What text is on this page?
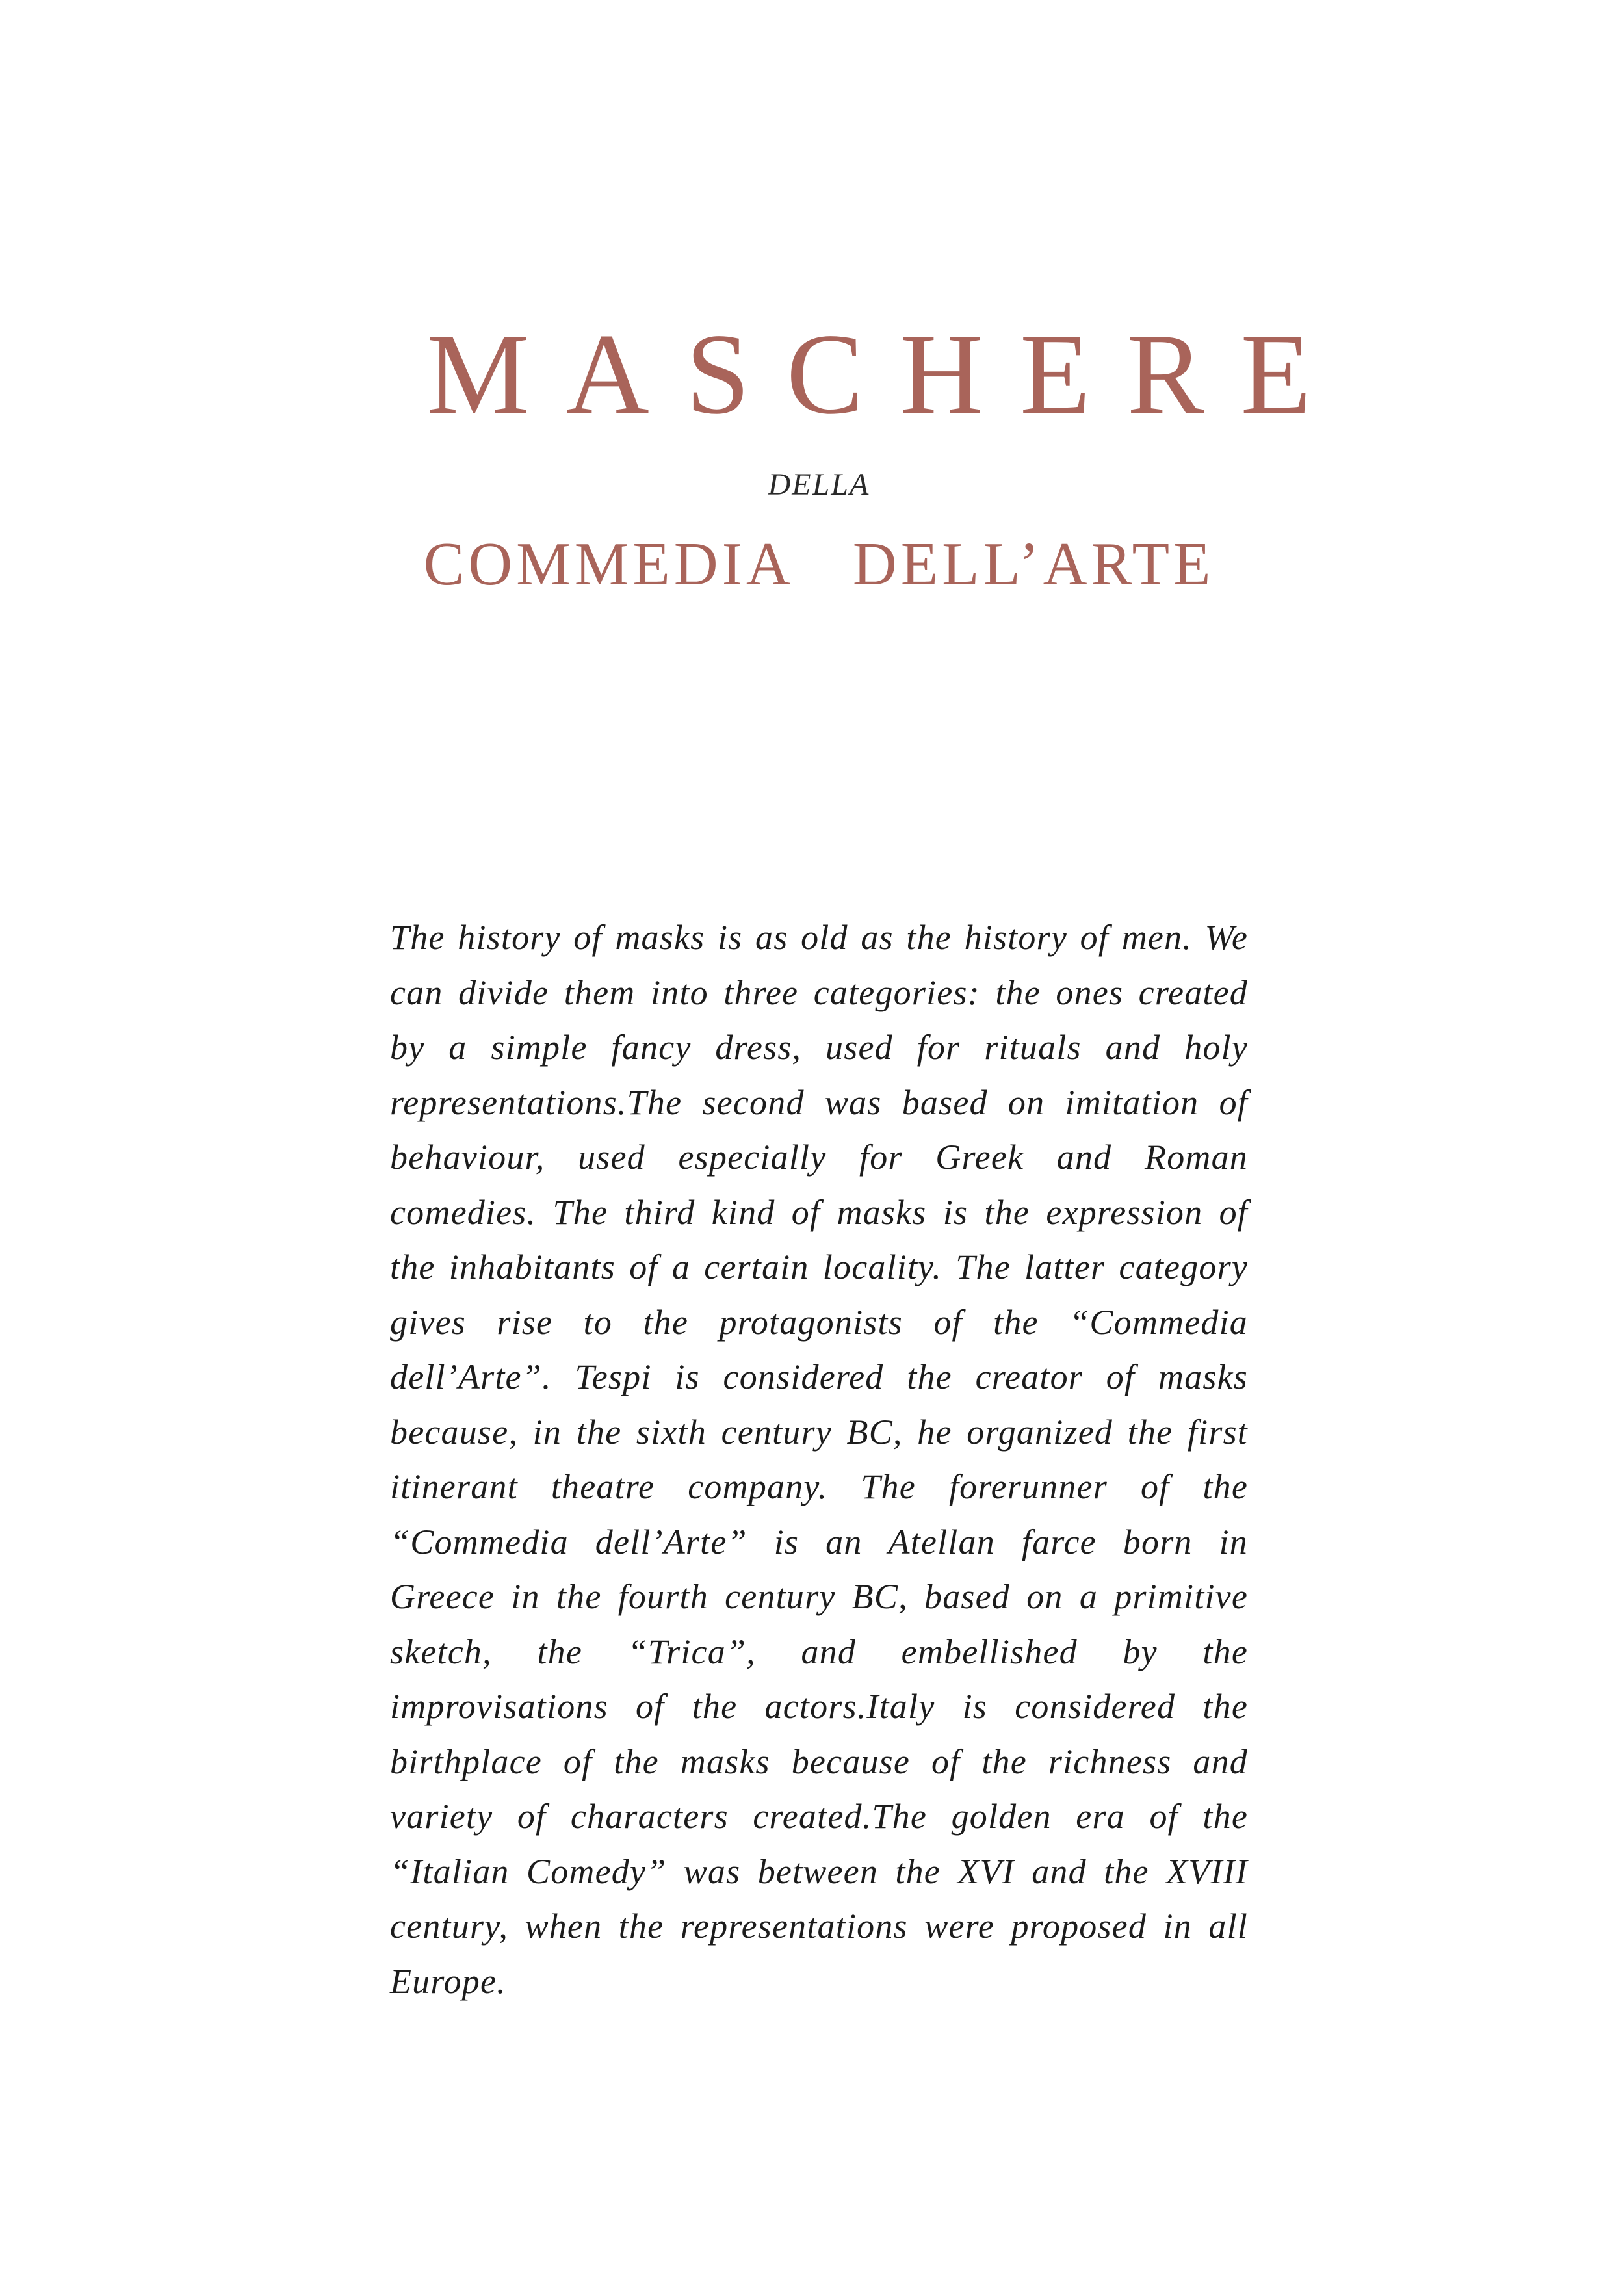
MASCHERE
DELLA
COMMEDIA DELL’ARTE

The history of masks is as old as the history of men. We can divide them into three categories: the ones created by a simple fancy dress, used for rituals and holy representations.The second was based on imitation of behaviour, used especially for Greek and Roman comedies. The third kind of masks is the expression of the inhabitants of a certain locality. The latter category gives rise to the protagonists of the “Commedia dell’Arte”. Tespi is considered the creator of masks because, in the sixth century BC, he organized the first itinerant theatre company. The forerunner of the “Commedia dell’Arte” is an Atellan farce born in Greece in the fourth century BC, based on a primitive sketch, the “Trica”, and embellished by the improvisations of the actors.Italy is considered the birthplace of the masks because of the richness and variety of characters created.The golden era of the “Italian Comedy” was between the XVI and the XVIII century, when the representations were proposed in all Europe.
